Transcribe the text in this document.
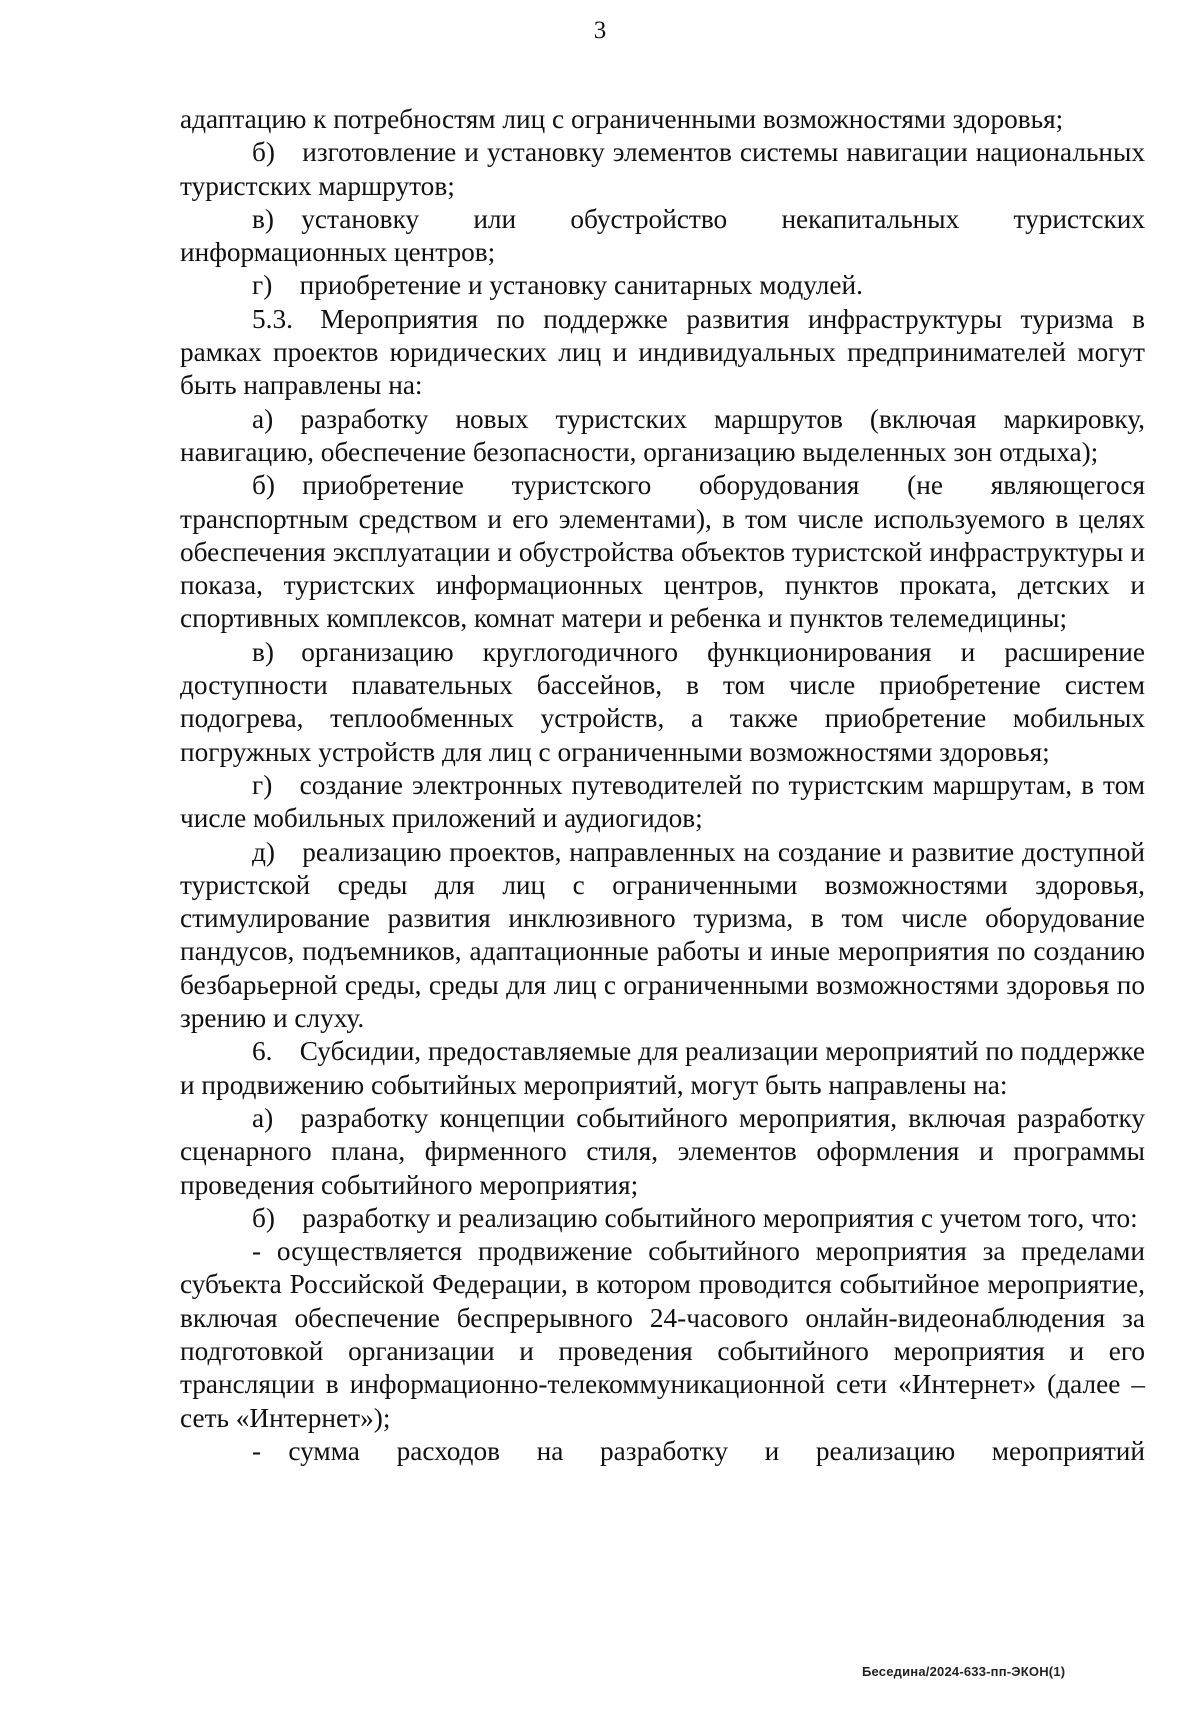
3

адаптацию к потребностям лиц с ограниченными возможностями здоровья;

б) изготовление и установку элементов системы навигации национальных туристских маршрутов;

в) установку или обустройство некапитальных туристских информационных центров;

г) приобретение и установку санитарных модулей.

5.3. Мероприятия по поддержке развития инфраструктуры туризма в рамках проектов юридических лиц и индивидуальных предпринимателей могут быть направлены на:

а) разработку новых туристских маршрутов (включая маркировку, навигацию, обеспечение безопасности, организацию выделенных зон отдыха);

б) приобретение туристского оборудования (не являющегося транспортным средством и его элементами), в том числе используемого в целях обеспечения эксплуатации и обустройства объектов туристской инфраструктуры и показа, туристских информационных центров, пунктов проката, детских и спортивных комплексов, комнат матери и ребенка и пунктов телемедицины;

в) организацию круглогодичного функционирования и расширение доступности плавательных бассейнов, в том числе приобретение систем подогрева, теплообменных устройств, а также приобретение мобильных погружных устройств для лиц с ограниченными возможностями здоровья;

г) создание электронных путеводителей по туристским маршрутам, в том числе мобильных приложений и аудиогидов;

д) реализацию проектов, направленных на создание и развитие доступной туристской среды для лиц с ограниченными возможностями здоровья, стимулирование развития инклюзивного туризма, в том числе оборудование пандусов, подъемников, адаптационные работы и иные мероприятия по созданию безбарьерной среды, среды для лиц с ограниченными возможностями здоровья по зрению и слуху.

6. Субсидии, предоставляемые для реализации мероприятий по поддержке и продвижению событийных мероприятий, могут быть направлены на:

а) разработку концепции событийного мероприятия, включая разработку сценарного плана, фирменного стиля, элементов оформления и программы проведения событийного мероприятия;

б) разработку и реализацию событийного мероприятия с учетом того, что:

- осуществляется продвижение событийного мероприятия за пределами субъекта Российской Федерации, в котором проводится событийное мероприятие, включая обеспечение беспрерывного 24-часового онлайн-видеонаблюдения за подготовкой организации и проведения событийного мероприятия и его трансляции в информационно-телекоммуникационной сети «Интернет» (далее – сеть «Интернет»);

- сумма расходов на разработку и реализацию мероприятий

Беседина/2024-633-пп-ЭКОН(1)
